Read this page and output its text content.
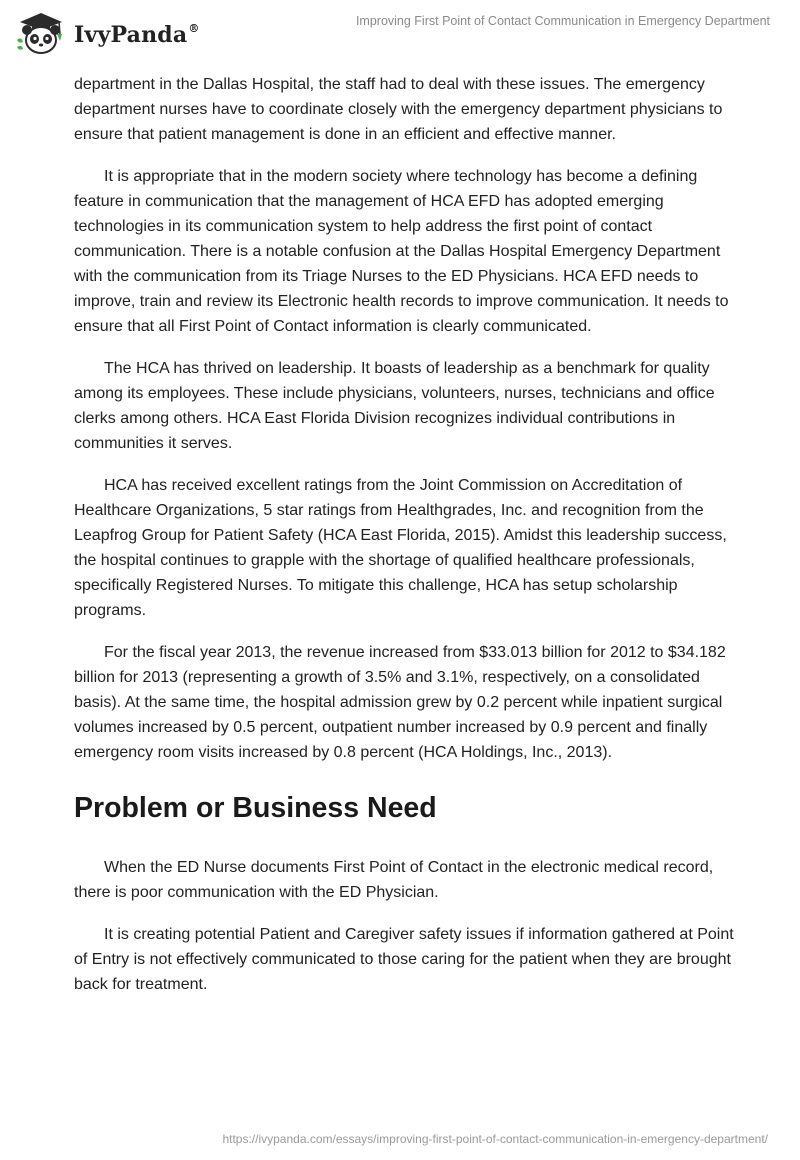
IvyPanda®
Improving First Point of Contact Communication in Emergency Department

department in the Dallas Hospital, the staff had to deal with these issues. The emergency department nurses have to coordinate closely with the emergency department physicians to ensure that patient management is done in an efficient and effective manner.

It is appropriate that in the modern society where technology has become a defining feature in communication that the management of HCA EFD has adopted emerging technologies in its communication system to help address the first point of contact communication. There is a notable confusion at the Dallas Hospital Emergency Department with the communication from its Triage Nurses to the ED Physicians. HCA EFD needs to improve, train and review its Electronic health records to improve communication. It needs to ensure that all First Point of Contact information is clearly communicated.

The HCA has thrived on leadership. It boasts of leadership as a benchmark for quality among its employees. These include physicians, volunteers, nurses, technicians and office clerks among others. HCA East Florida Division recognizes individual contributions in communities it serves.

HCA has received excellent ratings from the Joint Commission on Accreditation of Healthcare Organizations, 5 star ratings from Healthgrades, Inc. and recognition from the Leapfrog Group for Patient Safety (HCA East Florida, 2015). Amidst this leadership success, the hospital continues to grapple with the shortage of qualified healthcare professionals, specifically Registered Nurses. To mitigate this challenge, HCA has setup scholarship programs.

For the fiscal year 2013, the revenue increased from $33.013 billion for 2012 to $34.182 billion for 2013 (representing a growth of 3.5% and 3.1%, respectively, on a consolidated basis). At the same time, the hospital admission grew by 0.2 percent while inpatient surgical volumes increased by 0.5 percent, outpatient number increased by 0.9 percent and finally emergency room visits increased by 0.8 percent (HCA Holdings, Inc., 2013).

Problem or Business Need

When the ED Nurse documents First Point of Contact in the electronic medical record, there is poor communication with the ED Physician.

It is creating potential Patient and Caregiver safety issues if information gathered at Point of Entry is not effectively communicated to those caring for the patient when they are brought back for treatment.

https://ivypanda.com/essays/improving-first-point-of-contact-communication-in-emergency-department/
